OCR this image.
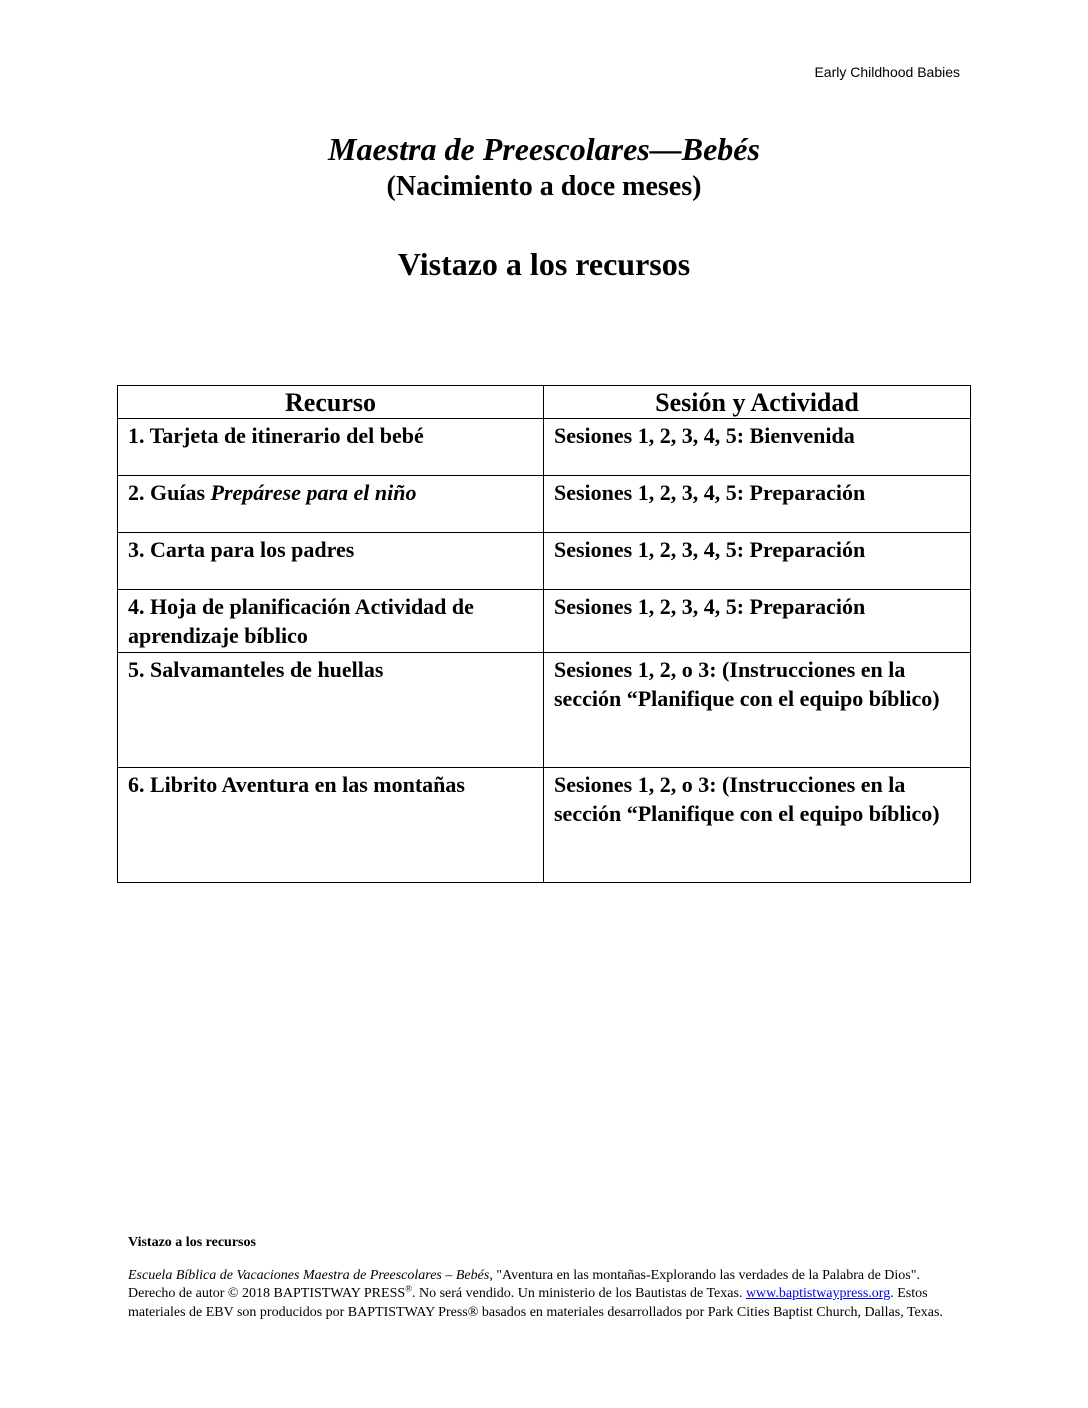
Early Childhood Babies
Maestra de Preescolares—Bebés
(Nacimiento a doce meses)
Vistazo a los recursos
Recurso	Sesión y Actividad
1. Tarjeta de itinerario del bebé	Sesiones 1, 2, 3, 4, 5: Bienvenida
2. Guías Prepárese para el niño	Sesiones 1, 2, 3, 4, 5: Preparación
3. Carta para los padres	Sesiones 1, 2, 3, 4, 5: Preparación
4. Hoja de planificación Actividad de aprendizaje bíblico	Sesiones 1, 2, 3, 4, 5: Preparación
5. Salvamanteles de huellas	Sesiones 1, 2, o 3: (Instrucciones en la sección “Planifique con el equipo bíblico)
6. Librito Aventura en las montañas	Sesiones 1, 2, o 3: (Instrucciones en la sección “Planifique con el equipo bíblico)
Vistazo a los recursos
Escuela Bíblica de Vacaciones Maestra de Preescolares – Bebés, "Aventura en las montañas-Explorando las verdades de la Palabra de Dios". Derecho de autor © 2018 BAPTISTWAY PRESS®. No será vendido. Un ministerio de los Bautistas de Texas. www.baptistwaypress.org. Estos materiales de EBV son producidos por BAPTISTWAY Press® basados en materiales desarrollados por Park Cities Baptist Church, Dallas, Texas.
